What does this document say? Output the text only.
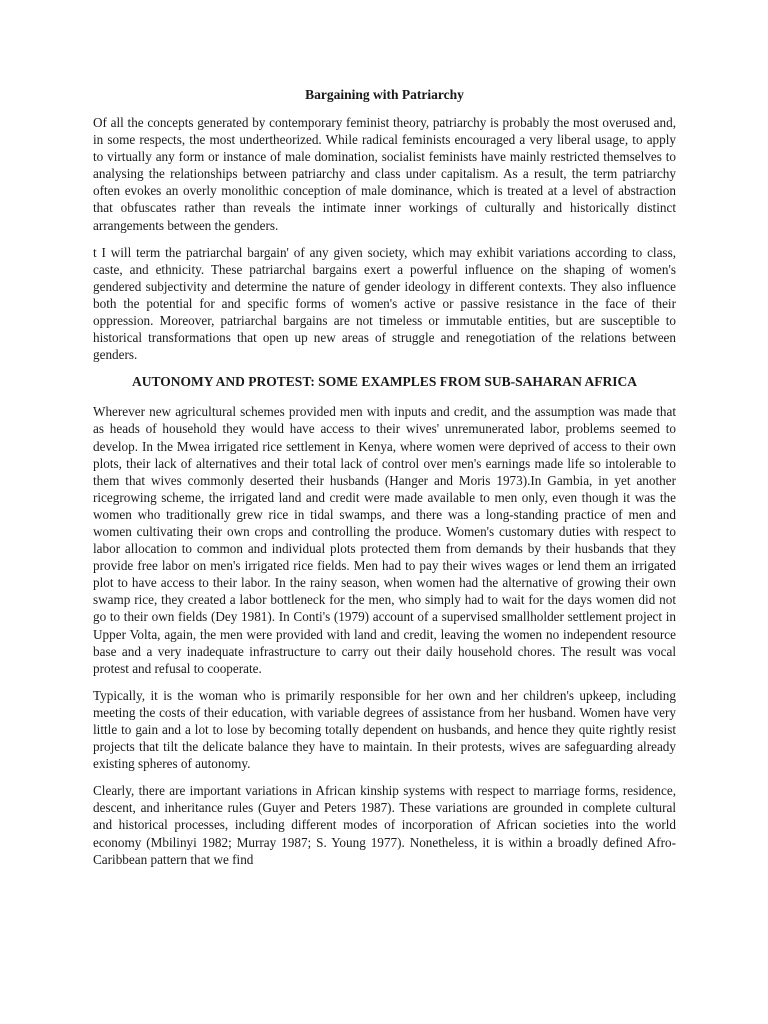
Bargaining with Patriarchy

Of all the concepts generated by contemporary feminist theory, patriarchy is probably the most overused and, in some respects, the most undertheorized. While radical feminists encouraged a very liberal usage, to apply to virtually any form or instance of male domination, socialist feminists have mainly restricted themselves to analysing the relationships between patriarchy and class under capitalism. As a result, the term patriarchy often evokes an overly monolithic conception of male dominance, which is treated at a level of abstraction that obfuscates rather than reveals the intimate inner workings of culturally and historically distinct arrangements between the genders.

t I will term the patriarchal bargain' of any given society, which may exhibit variations according to class, caste, and ethnicity. These patriarchal bargains exert a powerful influence on the shaping of women's gendered subjectivity and determine the nature of gender ideology in different contexts. They also influence both the potential for and specific forms of women's active or passive resistance in the face of their oppression. Moreover, patriarchal bargains are not timeless or immutable entities, but are susceptible to historical transformations that open up new areas of struggle and renegotiation of the relations between genders.

AUTONOMY AND PROTEST: SOME EXAMPLES FROM SUB-SAHARAN AFRICA

Wherever new agricultural schemes provided men with inputs and credit, and the assumption was made that as heads of household they would have access to their wives' unremunerated labor, problems seemed to develop. In the Mwea irrigated rice settlement in Kenya, where women were deprived of access to their own plots, their lack of alternatives and their total lack of control over men's earnings made life so intolerable to them that wives commonly deserted their husbands (Hanger and Moris 1973).In Gambia, in yet another ricegrowing scheme, the irrigated land and credit were made available to men only, even though it was the women who traditionally grew rice in tidal swamps, and there was a long-standing practice of men and women cultivating their own crops and controlling the produce. Women's customary duties with respect to labor allocation to common and individual plots protected them from demands by their husbands that they provide free labor on men's irrigated rice fields. Men had to pay their wives wages or lend them an irrigated plot to have access to their labor. In the rainy season, when women had the alternative of growing their own swamp rice, they created a labor bottleneck for the men, who simply had to wait for the days women did not go to their own fields (Dey 1981). In Conti's (1979) account of a supervised smallholder settlement project in Upper Volta, again, the men were provided with land and credit, leaving the women no independent resource base and a very inadequate infrastructure to carry out their daily household chores. The result was vocal protest and refusal to cooperate.

Typically, it is the woman who is primarily responsible for her own and her children's upkeep, including meeting the costs of their education, with variable degrees of assistance from her husband. Women have very little to gain and a lot to lose by becoming totally dependent on husbands, and hence they quite rightly resist projects that tilt the delicate balance they have to maintain. In their protests, wives are safeguarding already existing spheres of autonomy.

Clearly, there are important variations in African kinship systems with respect to marriage forms, residence, descent, and inheritance rules (Guyer and Peters 1987). These variations are grounded in complete cultural and historical processes, including different modes of incorporation of African societies into the world economy (Mbilinyi 1982; Murray 1987; S. Young 1977). Nonetheless, it is within a broadly defined Afro-Caribbean pattern that we find
